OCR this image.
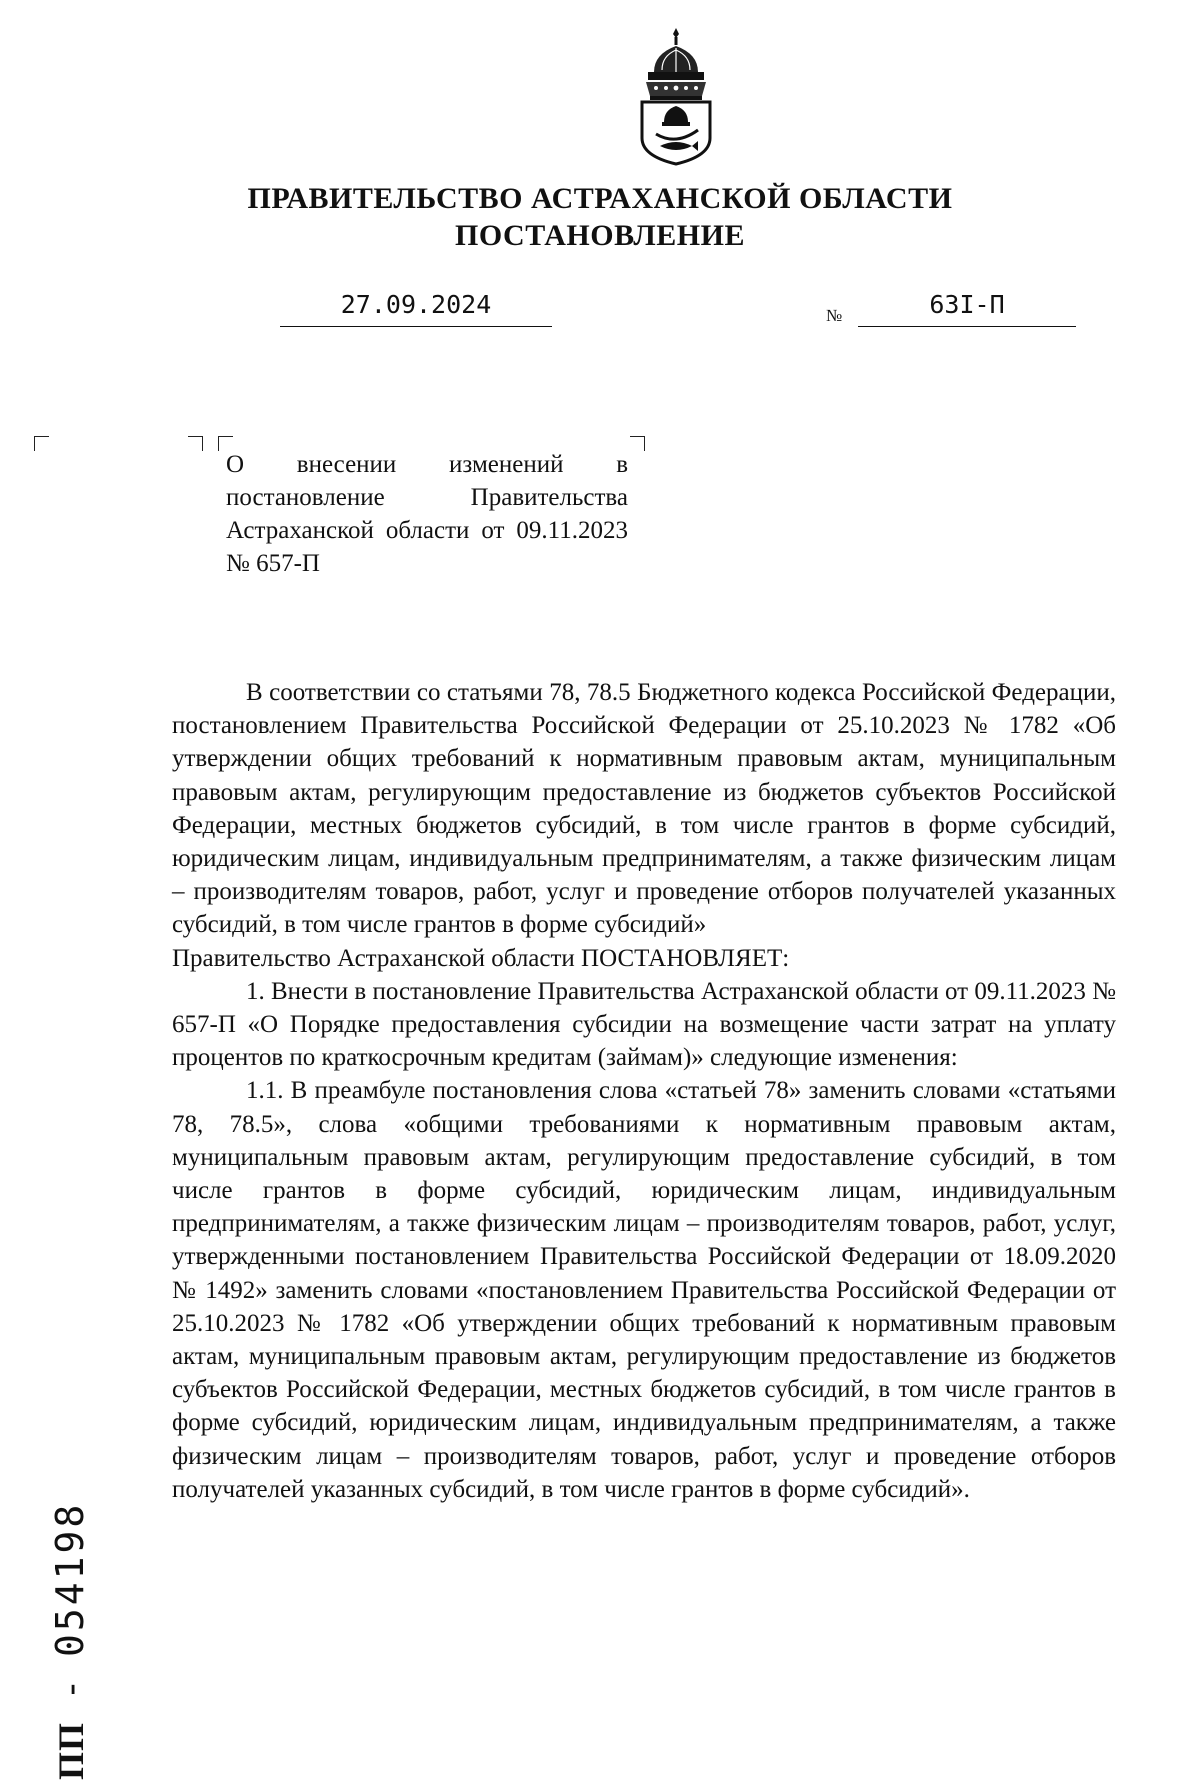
ПРАВИТЕЛЬСТВО АСТРАХАНСКОЙ ОБЛАСТИ
ПОСТАНОВЛЕНИЕ
27.09.2024	№	63I-П
О внесении изменений в постановление Правительства Астраханской области от 09.11.2023 № 657-П

В соответствии со статьями 78, 78.5 Бюджетного кодекса Российской Федерации, постановлением Правительства Российской Федерации от 25.10.2023 № 1782 «Об утверждении общих требований к нормативным правовым актам, муниципальным правовым актам, регулирующим предоставление из бюджетов субъектов Российской Федерации, местных бюджетов субсидий, в том числе грантов в форме субсидий, юридическим лицам, индивидуальным предпринимателям, а также физическим лицам – производителям товаров, работ, услуг и проведение отборов получателей указанных субсидий, в том числе грантов в форме субсидий»

Правительство Астраханской области ПОСТАНОВЛЯЕТ:

1. Внести в постановление Правительства Астраханской области от 09.11.2023 № 657-П «О Порядке предоставления субсидии на возмещение части затрат на уплату процентов по краткосрочным кредитам (займам)» следующие изменения:

1.1. В преамбуле постановления слова «статьей 78» заменить словами «статьями 78, 78.5», слова «общими требованиями к нормативным правовым актам, муниципальным правовым актам, регулирующим предоставление субсидий, в том числе грантов в форме субсидий, юридическим лицам, индивидуальным предпринимателям, а также физическим лицам – производителям товаров, работ, услуг, утвержденными постановлением Правительства Российской Федерации от 18.09.2020 № 1492» заменить словами «постановлением Правительства Российской Федерации от 25.10.2023 № 1782 «Об утверждении общих требований к нормативным правовым актам, муниципальным правовым актам, регулирующим предоставление из бюджетов субъектов Российской Федерации, местных бюджетов субсидий, в том числе грантов в форме субсидий, юридическим лицам, индивидуальным предпринимателям, а также физическим лицам – производителям товаров, работ, услуг и проведение отборов получателей указанных субсидий, в том числе грантов в форме субсидий».

ПП - 054198
